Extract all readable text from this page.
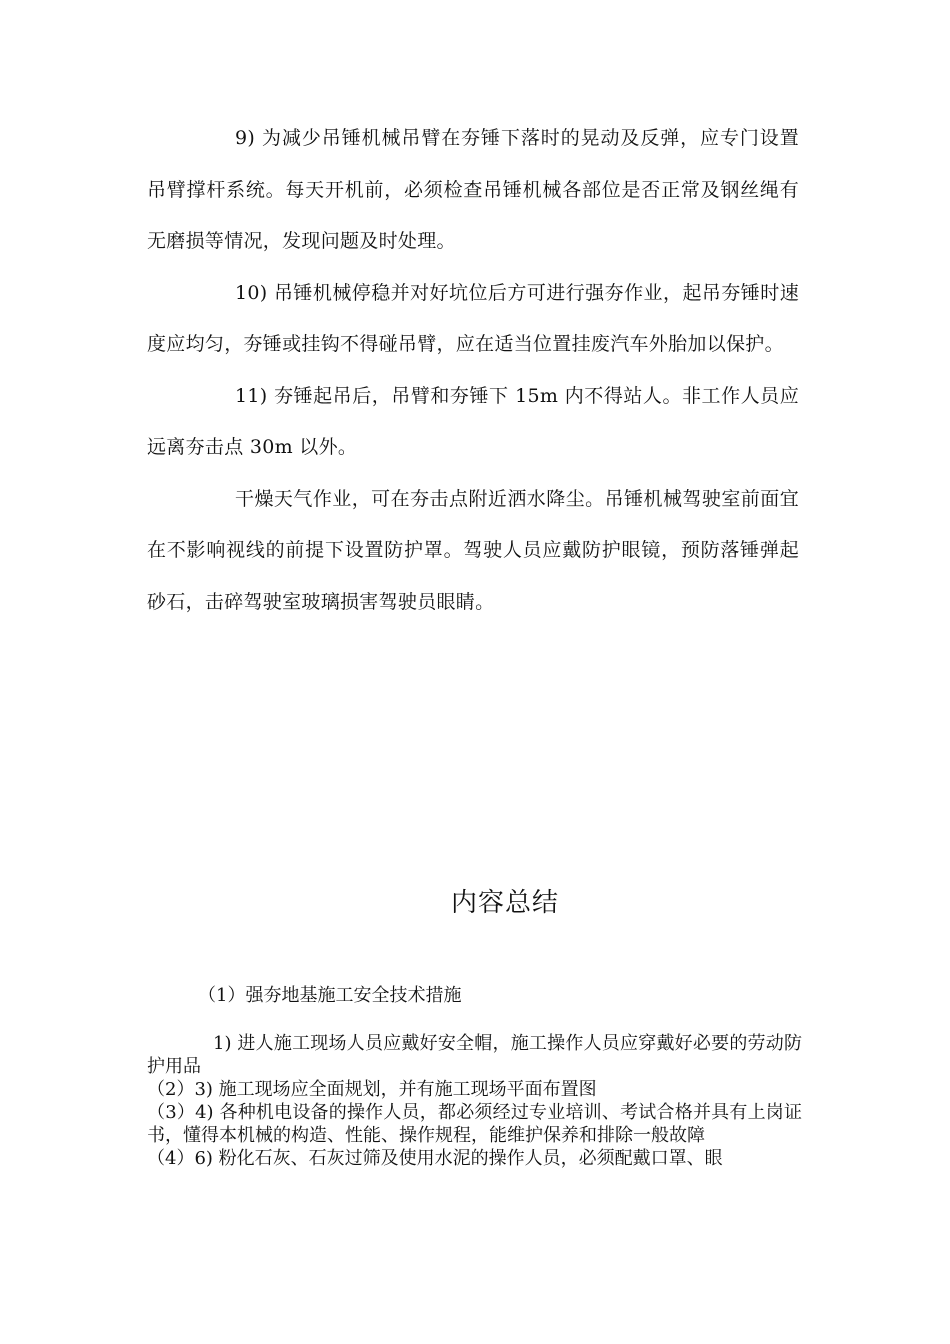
9) 为减少吊锤机械吊臂在夯锤下落时的晃动及反弹，应专门设置吊臂撑杆系统。每天开机前，必须检查吊锤机械各部位是否正常及钢丝绳有无磨损等情况，发现问题及时处理。

10) 吊锤机械停稳并对好坑位后方可进行强夯作业，起吊夯锤时速度应均匀，夯锤或挂钩不得碰吊臂，应在适当位置挂废汽车外胎加以保护。

11) 夯锤起吊后，吊臂和夯锤下 15m 内不得站人。非工作人员应远离夯击点 30m 以外。

干燥天气作业，可在夯击点附近洒水降尘。吊锤机械驾驶室前面宜在不影响视线的前提下设置防护罩。驾驶人员应戴防护眼镜，预防落锤弹起砂石，击碎驾驶室玻璃损害驾驶员眼睛。

内容总结
（1）强夯地基施工安全技术措施

1) 进人施工现场人员应戴好安全帽，施工操作人员应穿戴好必要的劳动防护用品

（2）3) 施工现场应全面规划，并有施工现场平面布置图

（3）4) 各种机电设备的操作人员，都必须经过专业培训、考试合格并具有上岗证书，懂得本机械的构造、性能、操作规程，能维护保养和排除一般故障

（4）6) 粉化石灰、石灰过筛及使用水泥的操作人员，必须配戴口罩、眼
